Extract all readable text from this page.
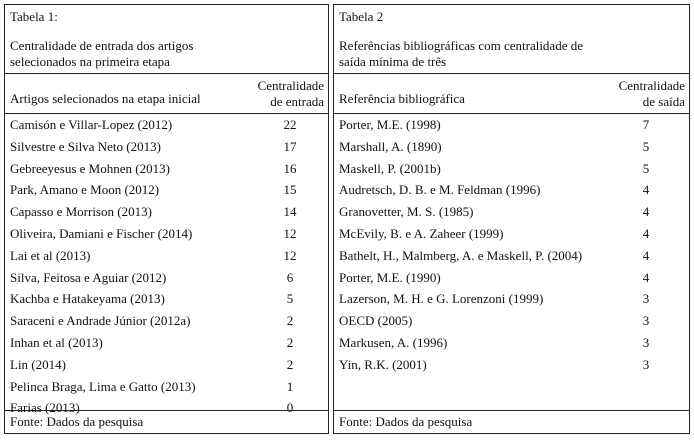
Tabela 1:
Centralidade de entrada dos artigos
selecionados na primeira etapa
Artigos selecionados na etapa inicial
Centralidade
de entrada
Camisón e Villar-Lopez (2012)	22
Silvestre e Silva Neto (2013)	17
Gebreeyesus e Mohnen (2013)	16
Park, Amano e Moon (2012)	15
Capasso e Morrison (2013)	14
Oliveira, Damiani e Fischer (2014)	12
Lai et al (2013)	12
Silva, Feitosa e Aguiar (2012)	6
Kachba e Hatakeyama (2013)	5
Saraceni e Andrade Júnior (2012a)	2
Inhan et al (2013)	2
Lin (2014)	2
Pelinca Braga, Lima e Gatto (2013)	1
Farias (2013)	0
Fonte: Dados da pesquisa
Tabela 2
Referências bibliográficas com centralidade de
saída mínima de três
Referência bibliográfica
Centralidade
de saída
Porter, M.E. (1998)	7
Marshall, A. (1890)	5
Maskell, P. (2001b)	5
Audretsch, D. B. e M. Feldman (1996)	4
Granovetter, M. S. (1985)	4
McEvily, B. e A. Zaheer (1999)	4
Bathelt, H., Malmberg, A. e Maskell, P. (2004)	4
Porter, M.E. (1990)	4
Lazerson, M. H. e G. Lorenzoni (1999)	3
OECD (2005)	3
Markusen, A. (1996)	3
Yin, R.K. (2001)	3
Fonte: Dados da pesquisa
